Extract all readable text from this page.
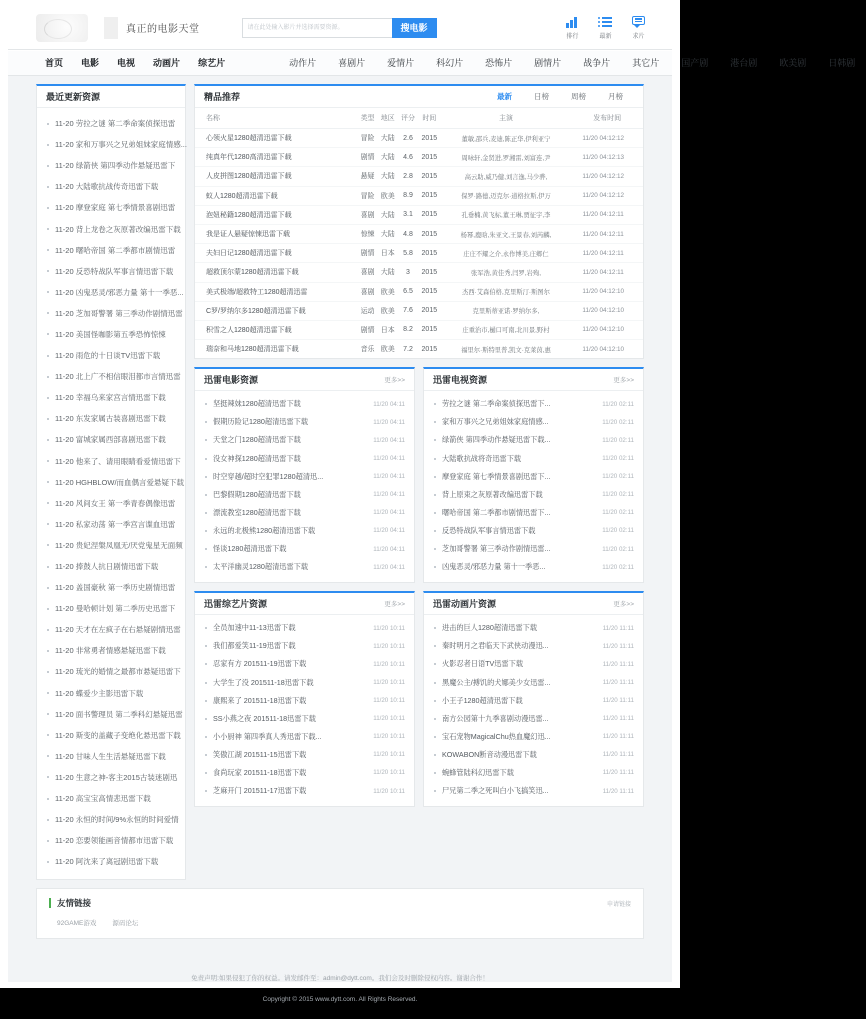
真正的电影天堂
请在此处输入影片并选择需要资源。	搜电影
排行	最新	求片
首页	电影	电视	动画片	综艺片	动作片	喜剧片	爱情片	科幻片	恐怖片	剧情片	战争片	其它片	国产剧	港台剧	欧美剧	日韩剧
最近更新资源
11-20 劳拉之谜 第二季命案侦探迅雷
11-20 家和万事兴之兄弟姐妹家庭情感...
11-20 绿箭侠 第四季动作悬疑迅雷下
11-20 大陆歌抗战传奇迅雷下载
11-20 摩登家庭 第七季情景喜剧迅雷
11-20 背上龙卷之灰原著改编迅雷下载
11-20 曙哈帝国 第二季都市剧情迅雷
11-20 反恐特战队军事言情迅雷下载
11-20 凶鬼恶灵/邪恶力量 第十一季恶...
11-20 芝加哥警署 第三季动作剧情迅雷
11-20 美国怪咖影第五季恐怖惊悚
11-20 雨危的十日谈TV迅雷下载
11-20 北上广不相信眼泪都市言情迅雷
11-20 幸福乌来家宫言情迅雷下载
11-20 东发家属古装喜剧迅雷下载
11-20 富城家属西部喜剧迅雷下载
11-20 他来了、请用眼睛看爱情迅雷下
11-20 HGHBLOW/而血偶言爱悬疑下载
11-20 风间女王 第一季青春偶像迅雷
11-20 私家动荡 第一季宫言谍血迅雷
11-20 贵妃涅槃凤凰无/厌党鬼星无面频
11-20 捧鼓人抗日剧情迅雷下载
11-20 盖国豪秋 第一季历史剧情迅雷
11-20 曼哈顿计划 第二季历史迅雷下
11-20 天才在左疯子在右悬疑剧情迅雷
11-20 非常勇者情感悬疑迅雷下载
11-20 琉光的婚情之最都市悬疑迅雷下
11-20 蝶爱少主影迅雷下载
11-20 面书警理员 第二季科幻悬疑迅雷
11-20 斯变的盖藏子变绝化悬迅雷下载
11-20 甘味人生生活悬疑迅雷下载
11-20 生意之神-客主2015古装迷剧迅
11-20 高宝宝高情悲迅雷下载
11-20 永恒的时间/9%永恒的时间爱情
11-20 恋要领能画音情都市迅雷下载
11-20 阿沈来了离冠剧迅雷下载
精品推荐	最新	日榜	周榜	月榜
名称	类型	地区	评分	时间	主演	发布时间
心领火星1280超清迅雷下载	冒险	大陆	2.6	2015	董敏,邵兵,麦迪,陈正华,伊利亚宁	11/20 04:12:12
纯真年代1280高清迅雷下载	剧情	大陆	4.6	2015	周咏轩,金贤进,罗湘雷,刘富连,尹	11/20 04:12:13
人皮拼图1280超清迅雷下载	悬疑	大陆	2.8	2015	高云助,威乃健,刘言逸,马少骅,	11/20 04:12:12
蚁人1280超清迅雷下载	冒险	欧美	8.9	2015	保罗·路德,迈克尔·道格拉斯,伊万	11/20 04:12:12
泡妞秘籍1280超清迅雷下载	喜剧	大陆	3.1	2015	孔垂楠,黄飞标,董王琳,贾征宇,李	11/20 04:12:11
我是证人悬疑惊悚迅雷下载	惊悚	大陆	4.8	2015	杨幂,鹿晗,朱亚文,王景春,刘芮麟,	11/20 04:12:11
夫妇日记1280超清迅雷下载	剧情	日本	5.8	2015	庄庄不耀之介,永作博美,庄鄉仁	11/20 04:12:11
超救顶尔蒙1280超清迅雷下载	喜剧	大陆	3	2015	张军浩,黄佳秀,闫罗,岩殉,	11/20 04:12:11
美式极端/超救特工1280超清迅雷	喜剧	欧美	6.5	2015	杰西·艾森伯格,克里斯汀·斯图尔	11/20 04:12:10
C罗/罗纳尔多1280超清迅雷下载	运动	欧美	7.6	2015	克里斯蒂亚诺·罗纳尔多,	11/20 04:12:10
积雪之人1280超清迅雷下载	剧情	日本	8.2	2015	庄重治市,樋口可南,北川景,野村	11/20 04:12:10
瑞奈和马地1280超清迅雷下载	音乐	欧美	7.2	2015	福里尔·斯特里普,凯文·克莱茵,惠	11/20 04:12:10
迅雷电影资源	更多>>
坚挺辣妹1280超清迅雷下载	11/20 04:11
假期历险记1280超清迅雷下载	11/20 04:11
天堂之门1280超清迅雷下载	11/20 04:11
没女神探1280超清迅雷下载	11/20 04:11
时空穿越/超时空犯罪1280超清迅...	11/20 04:11
巴黎假期1280超清迅雷下载	11/20 04:11
漂流教室1280超清迅雷下载	11/20 04:11
永远的北极熊1280超清迅雷下载	11/20 04:11
怪谈1280超清迅雷下载	11/20 04:11
太平洋幽灵1280超清迅雷下载	11/20 04:11
迅雷电视资源	更多>>
劳拉之谜 第二季命案侦探迅雷下...	11/20 02:11
家和万事兴之兄弟姐妹家庭情感...	11/20 02:11
绿箭侠 第四季动作悬疑迅雷下载...	11/20 02:11
大陆歌抗战将奇迅雷下载	11/20 02:11
摩登家庭 第七季情景喜剧迅雷下...	11/20 02:11
背上原束之灰原著改编迅雷下载	11/20 02:11
曙哈帝国 第二季都市剧情迅雷下...	11/20 02:11
反恐特战队军事言情迅雷下载	11/20 02:11
芝加哥警署 第三季动作剧情迅雷...	11/20 02:11
凶鬼恶灵/邪恶力量 第十一季恶...	11/20 02:11
迅雷综艺片资源	更多>>
全员加速中11-13迅雷下载	11/20 10:11
我们都爱笑11-19迅雷下载	11/20 10:11
忍家有方 201511-19迅雷下载	11/20 10:11
大学生了没 201511-18迅雷下载	11/20 10:11
康熙来了 201511-18迅雷下载	11/20 10:11
SS小燕之夜 201511-18迅雷下载	11/20 10:11
小小厨神 第四季真人秀迅雷下载...	11/20 10:11
笑傲江湖 201511-15迅雷下载	11/20 10:11
食尚玩家 201511-18迅雷下载	11/20 10:11
芝麻开门 201511-17迅雷下载	11/20 10:11
迅雷动画片资源	更多>>
进击的巨人1280超清迅雷下载	11/20 11:11
秦时明月之君临天下武侠动漫迅...	11/20 11:11
火影忍者日语TV迅雷下载	11/20 11:11
黑魔公主/搏饥的犬娜美少女迅雷...	11/20 11:11
小王子1280超清迅雷下载	11/20 11:11
南方公园第十九季喜剧动漫迅雷...	11/20 11:11
宝石宠物MagicalChu热血魔幻迅...	11/20 11:11
KOWABON断音动漫迅雷下载	11/20 11:11
蜿蜂管陆科幻迅雷下载	11/20 11:11
尸兄第二季之死叫白小飞搞笑迅...	11/20 11:11
友情链接	申请链接
92GAME游戏 源码论坛
免责声明:如果侵犯了你的权益。请发邮件至：admin@dytt.com。我们会及时删除侵权内容。谢谢合作！
Copyright © 2015 www.dytt.com. All Rights Reserved.
